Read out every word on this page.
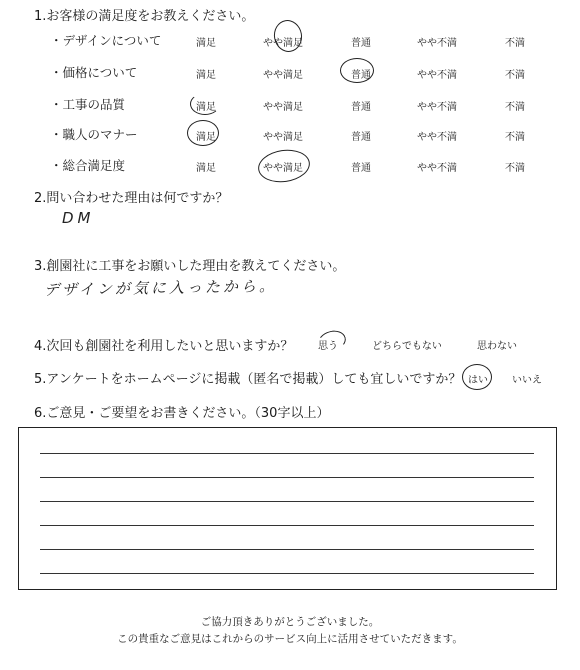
1.お客様の満足度をお教えください。
・デザインについて	満足	やや満足	普通	やや不満	不満
・価格について	満足	やや満足	普通	やや不満	不満
・工事の品質	満足	やや満足	普通	やや不満	不満
・職人のマナー	満足	やや満足	普通	やや不満	不満
・総合満足度	満足	やや満足	普通	やや不満	不満
2.問い合わせた理由は何ですか？
DM
3.創園社に工事をお願いした理由を教えてください。
デザインが気に入ったから。
4.次回も創園社を利用したいと思いますか？ 思う	どちらでもない	思わない
5.アンケートをホームページに掲載（匿名で掲載）しても宜しいですか？ はい いいえ
6.ご意見・ご要望をお書きください。（30字以上）
ご協力頂きありがとうございました。
この貴重なご意見はこれからのサービス向上に活用させていただきます。
